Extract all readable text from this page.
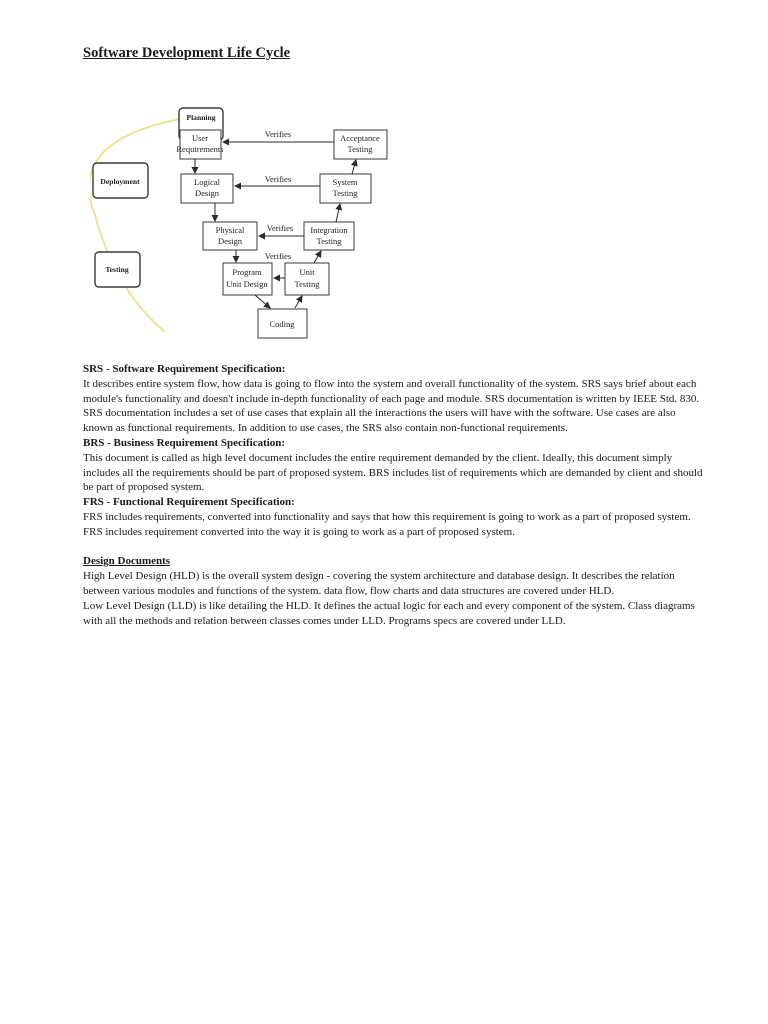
Software Development Life Cycle
Planning
Deployment
Testing
User
Requirements
Logical
Design
Physical
Design
Program
Unit Design
Acceptance
Testing
System
Testing
Integration
Testing
Unit
Testing
Coding
Verifies
Verifies
Verifies
Verifies

SRS - Software Requirement Specification:

It describes entire system flow, how data is going to flow into the system and overall functionality of the system. SRS says brief about each module's functionality and doesn't include in-depth functionality of each page and module. SRS documentation is written by IEEE Std. 830.

SRS documentation includes a set of use cases that explain all the interactions the users will have with the software. Use cases are also known as functional requirements. In addition to use cases, the SRS also contain non-functional requirements.

BRS - Business Requirement Specification:

This document is called as high level document includes the entire requirement demanded by the client. Ideally, this document simply includes all the requirements should be part of proposed system. BRS includes list of requirements which are demanded by client and should be part of proposed system.

FRS - Functional Requirement Specification:

FRS includes requirements, converted into functionality and says that how this requirement is going to work as a part of proposed system. FRS includes requirement converted into the way it is going to work as a part of proposed system.

Design Documents

High Level Design (HLD) is the overall system design - covering the system architecture and database design. It describes the relation between various modules and functions of the system. data flow, flow charts and data structures are covered under HLD.

Low Level Design (LLD) is like detailing the HLD. It defines the actual logic for each and every component of the system. Class diagrams with all the methods and relation between classes comes under LLD. Programs specs are covered under LLD.
